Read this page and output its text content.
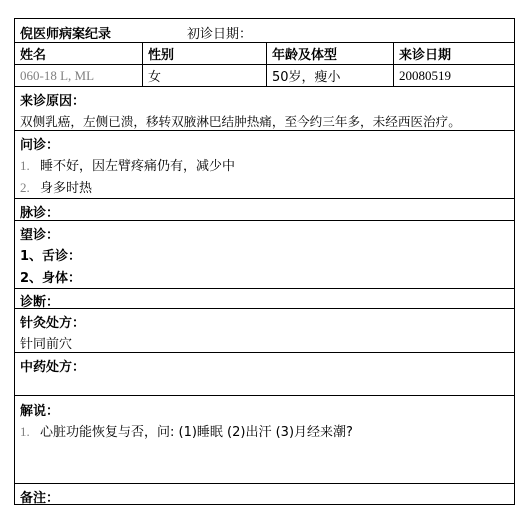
倪医师病案纪录	初诊日期：
姓名	性别	年龄及体型	来诊日期
060-18 L, ML	女	50岁，瘦小	20080519
来诊原因：
双侧乳癌，左侧已溃，移转双腋淋巴结肿热痛，至今约三年多，未经西医治疗。
问诊：
1. 睡不好，因左臂疼痛仍有，减少中
2. 身多时热
脉诊：
望诊：
1、舌诊：
2、身体：
诊断：
针灸处方：
针同前穴
中药处方：
解说：
1. 心脏功能恢复与否，问: (1)睡眠 (2)出汗 (3)月经来潮?
备注：
